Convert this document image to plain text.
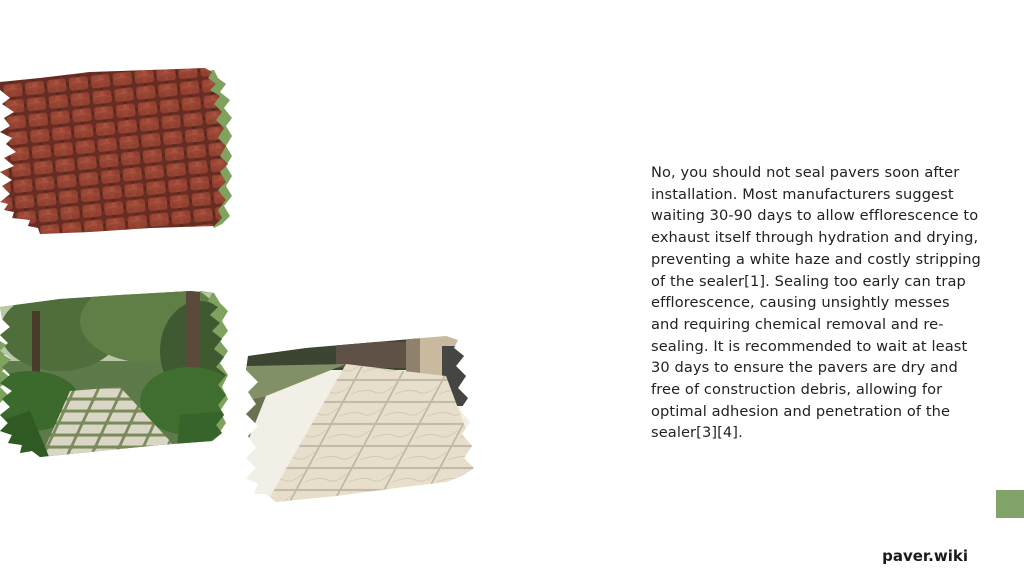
No, you should not seal pavers soon after installation. Most manufacturers suggest waiting 30-90 days to allow efflorescence to exhaust itself through hydration and drying, preventing a white haze and costly stripping of the sealer[1]. Sealing too early can trap efflorescence, causing unsightly messes and requiring chemical removal and re-sealing. It is recommended to wait at least 30 days to ensure the pavers are dry and free of construction debris, allowing for optimal adhesion and penetration of the sealer[3][4].

paver.wiki
